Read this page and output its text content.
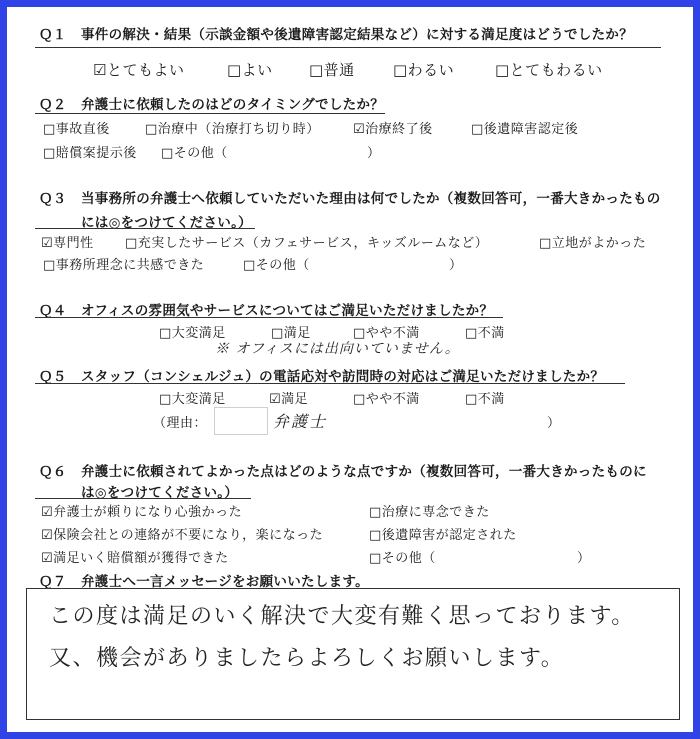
Ｑ１ 事件の解決・結果（示談金額や後遺障害認定結果など）に対する満足度はどうでしたか？
☑とてもよい	□よい □普通	□わるい	□とてもわるい
Ｑ２ 弁護士に依頼したのはどのタイミングでしたか？
□事故直後	□治療中（治療打ち切り時）	☑治療終了後	□後遺障害認定後
□賠償案提示後 □その他（	）
Ｑ３ 当事務所の弁護士へ依頼していただいた理由は何でしたか（複数回答可，一番大きかったもの
には◎をつけてください。）
☑専門性 □充実したサービス（カフェサービス，キッズルームなど）	□立地がよかった
□事務所理念に共感できた	□その他（	）
Ｑ４ オフィスの雰囲気やサービスについてはご満足いただけましたか？
□大変満足	□満足	□やや不満	□不満
※ オフィスには出向いていません。
Ｑ５ スタッフ（コンシェルジュ）の電話応対や訪問時の対応はご満足いただけましたか？
□大変満足	☑満足	□やや不満	□不満
（理由：	弁護士	）
Ｑ６ 弁護士に依頼されてよかった点はどのような点ですか（複数回答可，一番大きかったものに
は◎をつけてください。）
☑弁護士が頼りになり心強かった	□治療に専念できた
☑保険会社との連絡が不要になり，楽になった	□後遺障害が認定された
☑満足いく賠償額が獲得できた	□その他（	）
Ｑ７ 弁護士へ一言メッセージをお願いいたします。
この度は満足のいく解決で大変有難く思っております。
又、機会がありましたらよろしくお願いします。
